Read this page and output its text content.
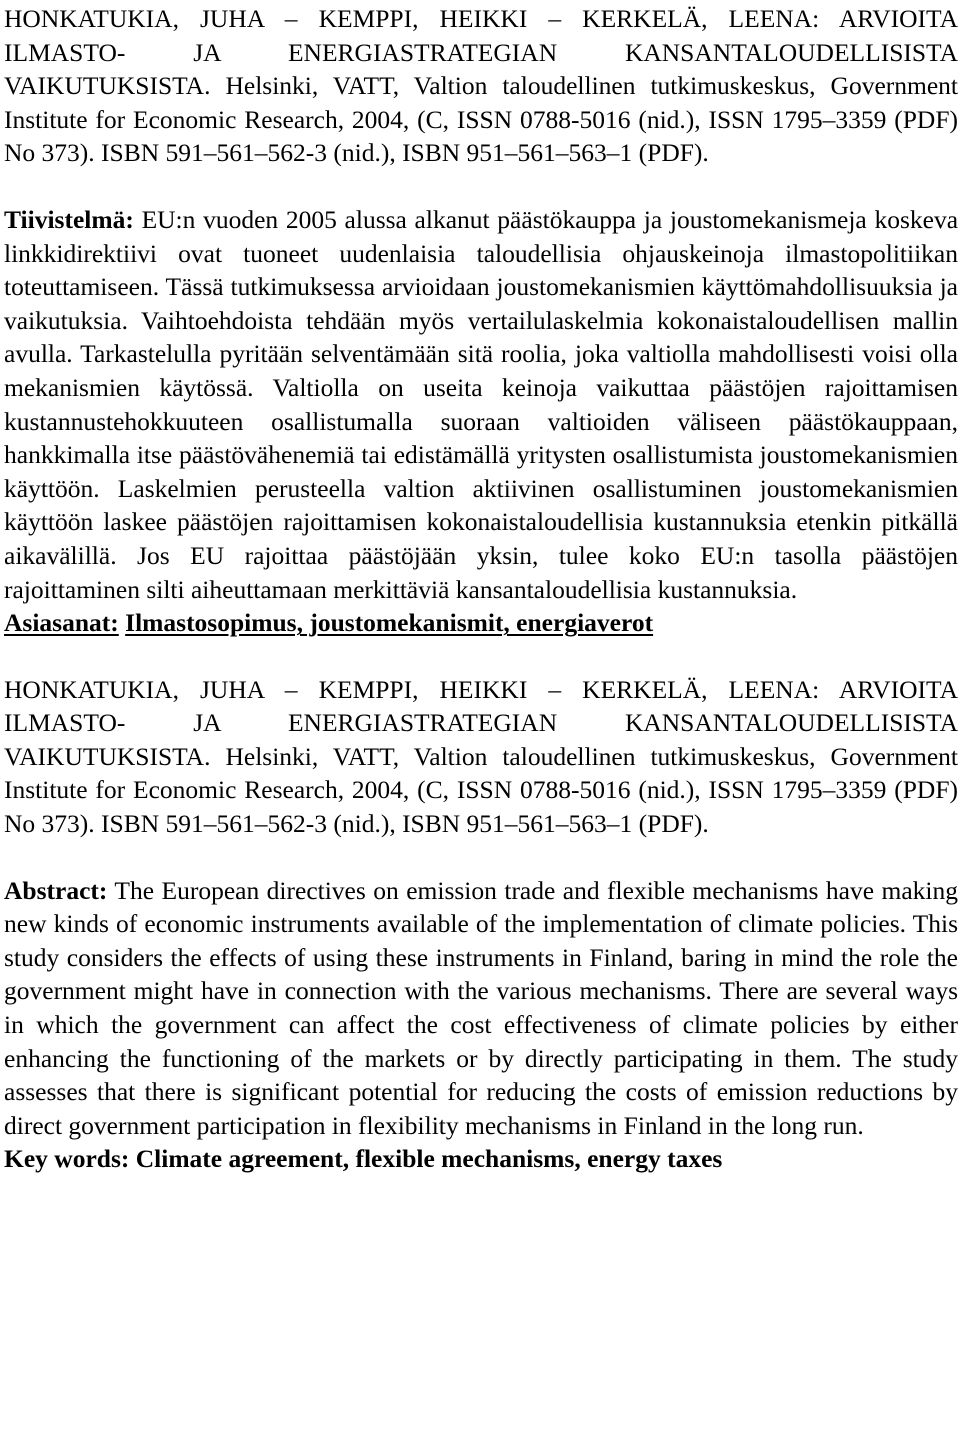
HONKATUKIA, JUHA – KEMPPI, HEIKKI – KERKELÄ, LEENA: ARVIOITA ILMASTO- JA ENERGIASTRATEGIAN KANSANTALOUDELLISISTA VAIKUTUKSISTA. Helsinki, VATT, Valtion taloudellinen tutkimuskeskus, Government Institute for Economic Research, 2004, (C, ISSN 0788-5016 (nid.), ISSN 1795–3359 (PDF) No 373). ISBN 591–561–562-3 (nid.), ISBN 951–561–563–1 (PDF).

Tiivistelmä: EU:n vuoden 2005 alussa alkanut päästökauppa ja joustomekanismeja koskeva linkkidirektiivi ovat tuoneet uudenlaisia taloudellisia ohjauskeinoja ilmastopolitiikan toteuttamiseen. Tässä tutkimuksessa arvioidaan joustomekanismien käyttömahdollisuuksia ja vaikutuksia. Vaihtoehdoista tehdään myös vertailulaskelmia kokonaistaloudellisen mallin avulla. Tarkastelulla pyritään selventämään sitä roolia, joka valtiolla mahdollisesti voisi olla mekanismien käytössä. Valtiolla on useita keinoja vaikuttaa päästöjen rajoittamisen kustannustehokkuuteen osallistumalla suoraan valtioiden väliseen päästökauppaan, hankkimalla itse päästövähenemiä tai edistämällä yritysten osallistumista joustomekanismien käyttöön. Laskelmien perusteella valtion aktiivinen osallistuminen joustomekanismien käyttöön laskee päästöjen rajoittamisen kokonaistaloudellisia kustannuksia etenkin pitkällä aikavälillä. Jos EU rajoittaa päästöjään yksin, tulee koko EU:n tasolla päästöjen rajoittaminen silti aiheuttamaan merkittäviä kansantaloudellisia kustannuksia.

Asiasanat: Ilmastosopimus, joustomekanismit, energiaverot

HONKATUKIA, JUHA – KEMPPI, HEIKKI – KERKELÄ, LEENA: ARVIOITA ILMASTO- JA ENERGIASTRATEGIAN KANSANTALOUDELLISISTA VAIKUTUKSISTA. Helsinki, VATT, Valtion taloudellinen tutkimuskeskus, Government Institute for Economic Research, 2004, (C, ISSN 0788-5016 (nid.), ISSN 1795–3359 (PDF) No 373). ISBN 591–561–562-3 (nid.), ISBN 951–561–563–1 (PDF).

Abstract: The European directives on emission trade and flexible mechanisms have making new kinds of economic instruments available of the implementation of climate policies. This study considers the effects of using these instruments in Finland, baring in mind the role the government might have in connection with the various mechanisms. There are several ways in which the government can affect the cost effectiveness of climate policies by either enhancing the functioning of the markets or by directly participating in them. The study assesses that there is significant potential for reducing the costs of emission reductions by direct government participation in flexibility mechanisms in Finland in the long run.

Key words: Climate agreement, flexible mechanisms, energy taxes
